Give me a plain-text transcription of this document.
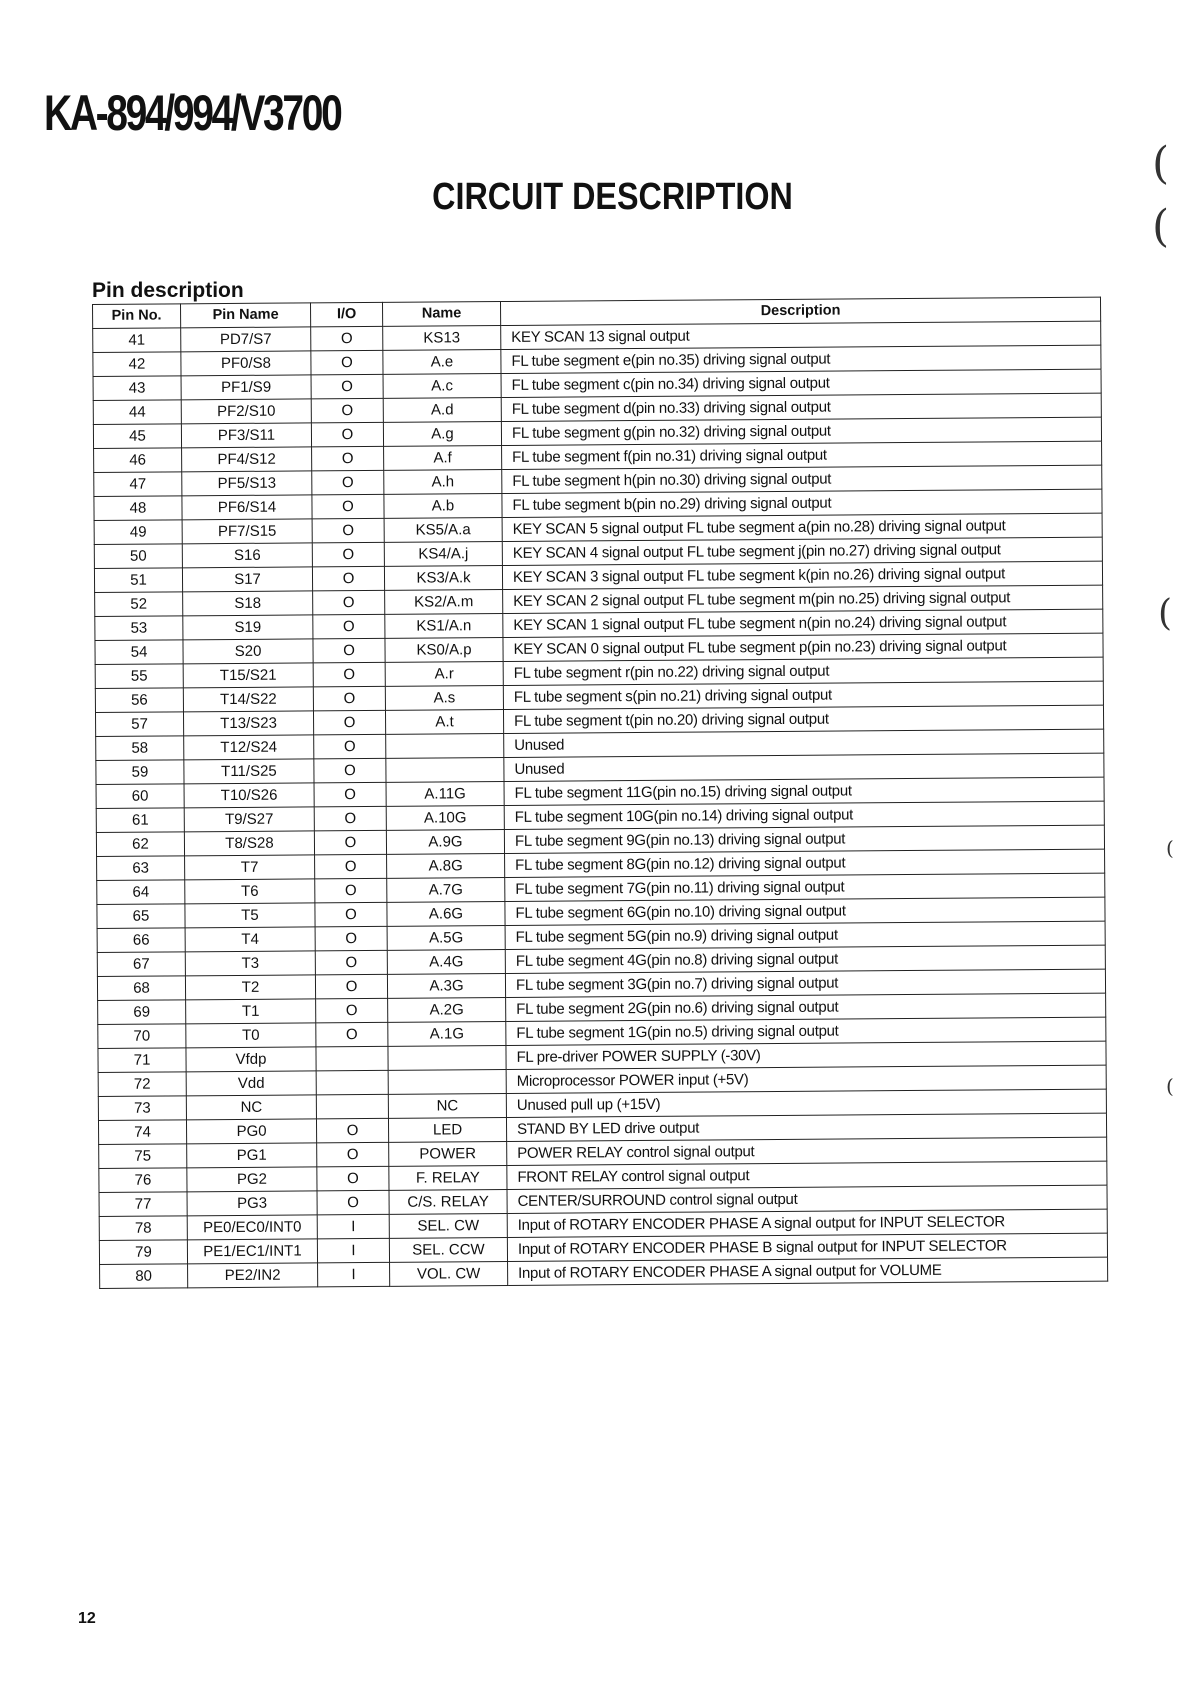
KA-894/994/V3700
CIRCUIT DESCRIPTION
Pin description
(
(
(
(
(
Pin No.	Pin Name	I/O	Name	Description
41	PD7/S7	O	KS13	KEY SCAN 13 signal output
42	PF0/S8	O	A.e	FL tube segment e(pin no.35) driving signal output
43	PF1/S9	O	A.c	FL tube segment c(pin no.34) driving signal output
44	PF2/S10	O	A.d	FL tube segment d(pin no.33) driving signal output
45	PF3/S11	O	A.g	FL tube segment g(pin no.32) driving signal output
46	PF4/S12	O	A.f	FL tube segment f(pin no.31) driving signal output
47	PF5/S13	O	A.h	FL tube segment h(pin no.30) driving signal output
48	PF6/S14	O	A.b	FL tube segment b(pin no.29) driving signal output
49	PF7/S15	O	KS5/A.a	KEY SCAN 5 signal output FL tube segment a(pin no.28) driving signal output
50	S16	O	KS4/A.j	KEY SCAN 4 signal output FL tube segment j(pin no.27) driving signal output
51	S17	O	KS3/A.k	KEY SCAN 3 signal output FL tube segment k(pin no.26) driving signal output
52	S18	O	KS2/A.m	KEY SCAN 2 signal output FL tube segment m(pin no.25) driving signal output
53	S19	O	KS1/A.n	KEY SCAN 1 signal output FL tube segment n(pin no.24) driving signal output
54	S20	O	KS0/A.p	KEY SCAN 0 signal output FL tube segment p(pin no.23) driving signal output
55	T15/S21	O	A.r	FL tube segment r(pin no.22) driving signal output
56	T14/S22	O	A.s	FL tube segment s(pin no.21) driving signal output
57	T13/S23	O	A.t	FL tube segment t(pin no.20) driving signal output
58	T12/S24	O		Unused
59	T11/S25	O		Unused
60	T10/S26	O	A.11G	FL tube segment 11G(pin no.15) driving signal output
61	T9/S27	O	A.10G	FL tube segment 10G(pin no.14) driving signal output
62	T8/S28	O	A.9G	FL tube segment 9G(pin no.13) driving signal output
63	T7	O	A.8G	FL tube segment 8G(pin no.12) driving signal output
64	T6	O	A.7G	FL tube segment 7G(pin no.11) driving signal output
65	T5	O	A.6G	FL tube segment 6G(pin no.10) driving signal output
66	T4	O	A.5G	FL tube segment 5G(pin no.9) driving signal output
67	T3	O	A.4G	FL tube segment 4G(pin no.8) driving signal output
68	T2	O	A.3G	FL tube segment 3G(pin no.7) driving signal output
69	T1	O	A.2G	FL tube segment 2G(pin no.6) driving signal output
70	T0	O	A.1G	FL tube segment 1G(pin no.5) driving signal output
71	Vfdp			FL pre-driver POWER SUPPLY (-30V)
72	Vdd			Microprocessor POWER input (+5V)
73	NC		NC	Unused pull up (+15V)
74	PG0	O	LED	STAND BY LED drive output
75	PG1	O	POWER	POWER RELAY control signal output
76	PG2	O	F. RELAY	FRONT RELAY control signal output
77	PG3	O	C/S. RELAY	CENTER/SURROUND control signal output
78	PE0/EC0/INT0	I	SEL. CW	Input of ROTARY ENCODER PHASE A signal output for INPUT SELECTOR
79	PE1/EC1/INT1	I	SEL. CCW	Input of ROTARY ENCODER PHASE B signal output for INPUT SELECTOR
80	PE2/IN2	I	VOL. CW	Input of ROTARY ENCODER PHASE A signal output for VOLUME
12
